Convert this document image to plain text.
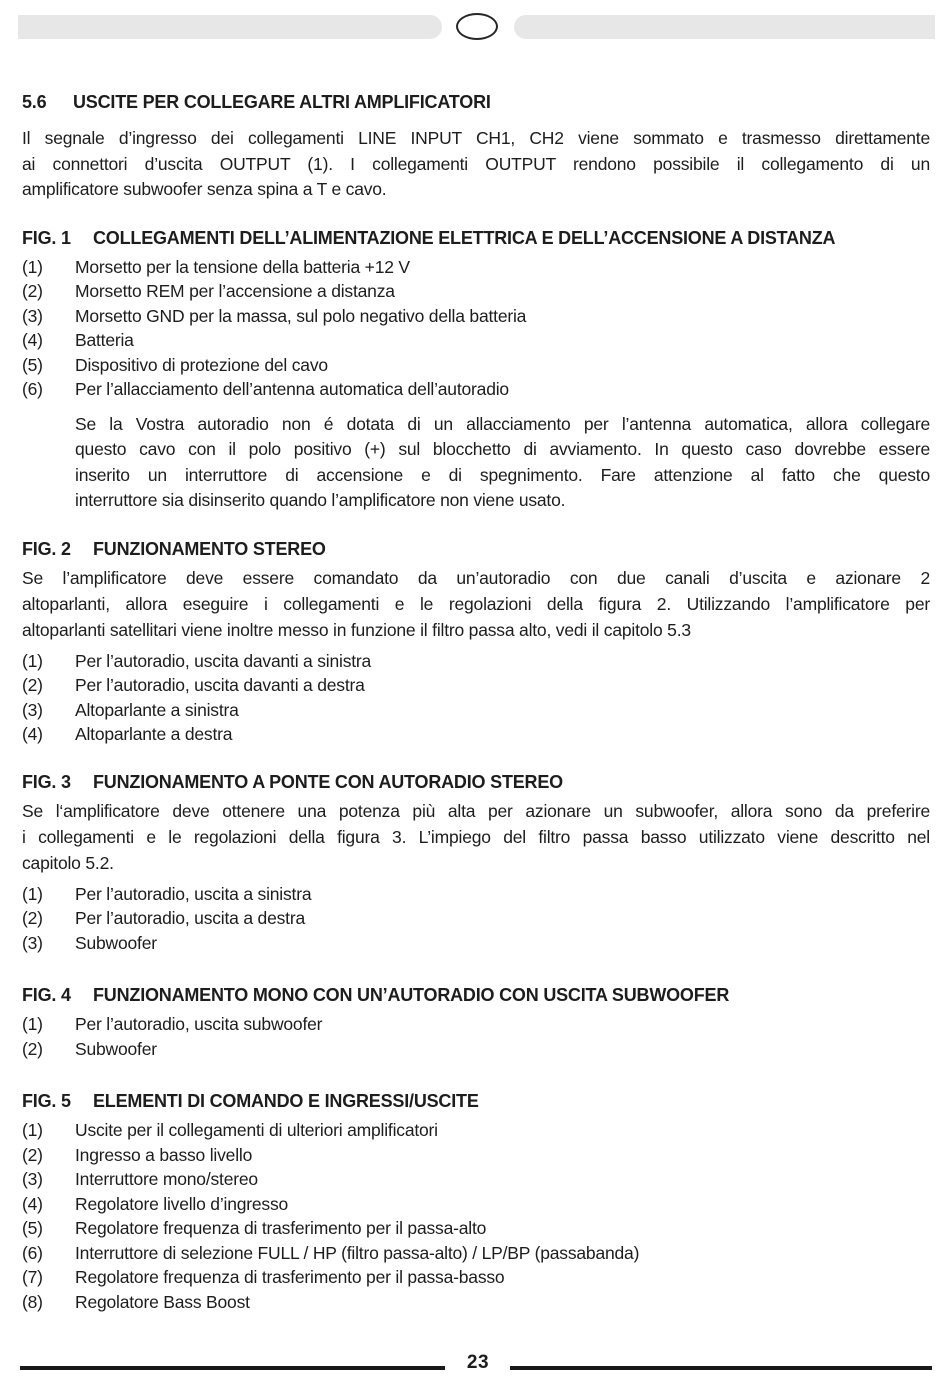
5.6	USCITE PER COLLEGARE ALTRI AMPLIFICATORI
Il segnale d’ingresso dei collegamenti LINE INPUT CH1, CH2 viene sommato e trasmesso direttamente
ai connettori d’uscita OUTPUT (1). I collegamenti OUTPUT rendono possibile il collegamento di un
amplificatore subwoofer senza spina a T e cavo.
FIG. 1	COLLEGAMENTI DELL’ALIMENTAZIONE ELETTRICA E DELL’ACCENSIONE A DISTANZA
(1)	Morsetto per la tensione della batteria +12 V
(2)	Morsetto REM per l’accensione a distanza
(3)	Morsetto GND per la massa, sul polo negativo della batteria
(4)	Batteria
(5)	Dispositivo di protezione del cavo
(6)	Per l’allacciamento dell’antenna automatica dell’autoradio
Se la Vostra autoradio non é dotata di un allacciamento per l’antenna automatica, allora collegare
questo cavo con il polo positivo (+) sul blocchetto di avviamento. In questo caso dovrebbe essere
inserito un interruttore di accensione e di spegnimento. Fare attenzione al fatto che questo
interruttore sia disinserito quando l’amplificatore non viene usato.
FIG. 2	FUNZIONAMENTO STEREO
Se l’amplificatore deve essere comandato da un’autoradio con due canali d’uscita e azionare 2
altoparlanti, allora eseguire i collegamenti e le regolazioni della figura 2. Utilizzando l’amplificatore per
altoparlanti satellitari viene inoltre messo in funzione il filtro passa alto, vedi il capitolo 5.3
(1)	Per l’autoradio, uscita davanti a sinistra
(2)	Per l’autoradio, uscita davanti a destra
(3)	Altoparlante a sinistra
(4)	Altoparlante a destra
FIG. 3	FUNZIONAMENTO A PONTE CON AUTORADIO STEREO
Se l‘amplificatore deve ottenere una potenza più alta per azionare un subwoofer, allora sono da preferire
i collegamenti e le regolazioni della figura 3. L’impiego del filtro passa basso utilizzato viene descritto nel
capitolo 5.2.
(1)	Per l’autoradio, uscita a sinistra
(2)	Per l’autoradio, uscita a destra
(3)	Subwoofer
FIG. 4	FUNZIONAMENTO MONO CON UN’AUTORADIO CON USCITA SUBWOOFER
(1)	Per l’autoradio, uscita subwoofer
(2)	Subwoofer
FIG. 5	ELEMENTI DI COMANDO E INGRESSI/USCITE
(1)	Uscite per il collegamenti di ulteriori amplificatori
(2)	Ingresso a basso livello
(3)	Interruttore mono/stereo
(4)	Regolatore livello d’ingresso
(5)	Regolatore frequenza di trasferimento per il passa-alto
(6)	Interruttore di selezione FULL / HP (filtro passa-alto) / LP/BP (passabanda)
(7)	Regolatore frequenza di trasferimento per il passa-basso
(8)	Regolatore Bass Boost
23
